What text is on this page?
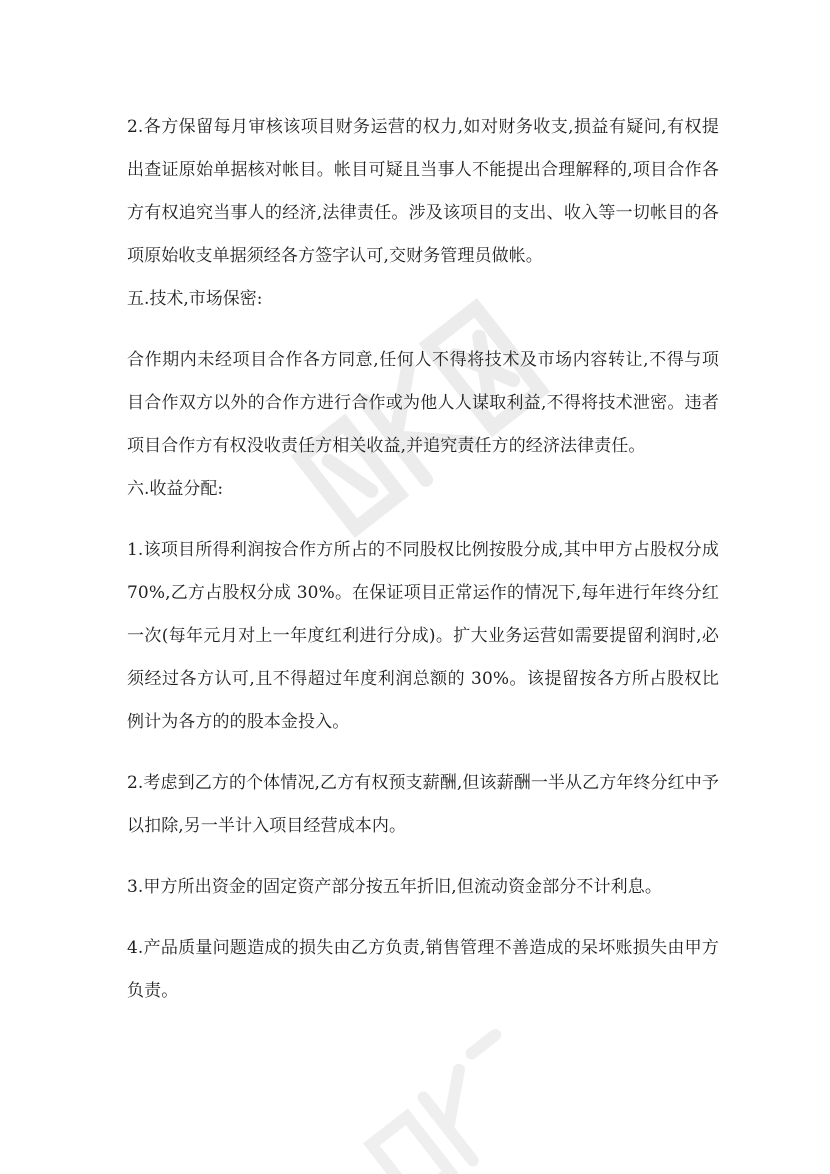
2.各方保留每月审核该项目财务运营的权力,如对财务收支,损益有疑问,有权提出查证原始单据核对帐目。帐目可疑且当事人不能提出合理解释的,项目合作各方有权追究当事人的经济,法律责任。涉及该项目的支出、收入等一切帐目的各项原始收支单据须经各方签字认可,交财务管理员做帐。

五.技术,市场保密:

合作期内未经项目合作各方同意,任何人不得将技术及市场内容转让,不得与项目合作双方以外的合作方进行合作或为他人人谋取利益,不得将技术泄密。违者项目合作方有权没收责任方相关收益,并追究责任方的经济法律责任。

六.收益分配:

1.该项目所得利润按合作方所占的不同股权比例按股分成,其中甲方占股权分成70%,乙方占股权分成 30%。在保证项目正常运作的情况下,每年进行年终分红一次(每年元月对上一年度红利进行分成)。扩大业务运营如需要提留利润时,必须经过各方认可,且不得超过年度利润总额的 30%。该提留按各方所占股权比例计为各方的的股本金投入。

2.考虑到乙方的个体情况,乙方有权预支薪酬,但该薪酬一半从乙方年终分红中予以扣除,另一半计入项目经营成本内。

3.甲方所出资金的固定资产部分按五年折旧,但流动资金部分不计利息。

4.产品质量问题造成的损失由乙方负责,销售管理不善造成的呆坏账损失由甲方负责。
